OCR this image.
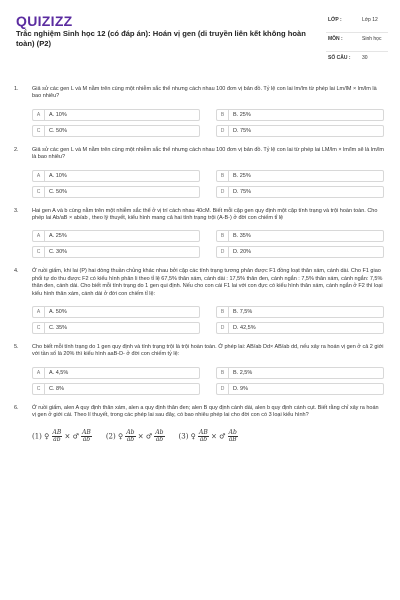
QUIZIZZ
Trắc nghiệm Sinh học 12 (có đáp án): Hoán vị gen (di truyền liên kết không hoàn toàn) (P2)
LỚP :	Lớp 12
MÔN :	Sinh học
SỐ CÂU : 30
1. Giả sử các gen L và M nằm trên cùng một nhiễm sắc thể nhưng cách nhau 100 đơn vị bản đồ. Tỷ lệ con lai lm/lm từ phép lai Lm/lM × lm/lm là bao nhiêu?
A	A. 10%	B	B. 25%
C	C. 50%	D	D. 75%
2. Giả sử các gen L và M nằm trên cùng một nhiễm sắc thể nhưng cách nhau 100 đơn vị bản đồ. Tỷ lệ con lai từ phép lai LM/lm × lm/lm sẽ là lm/lm là bao nhiêu?
A	A. 10%	B	B. 25%
C	C. 50%	D	D. 75%
3. Hai gen A và b cùng nằm trên một nhiễm sắc thể ở vị trí cách nhau 40cM. Biết mỗi cặp gen quy định một cặp tính trạng và trội hoàn toàn. Cho phép lai Ab/aB × ab/ab , theo lý thuyết, kiểu hình mang cả hai tính trạng trội (A-B-) ở đời con chiếm tỉ lệ
A	A. 25%	B	B. 35%
C	C. 30%	D	D. 20%
4. Ở ruồi giấm, khi lai (P) hai dòng thuần chủng khác nhau bởi cặp các tính trạng tương phản được F1 đồng loạt thân xám, cánh dài. Cho F1 giao phối tự do thu được F2 có kiểu hình phân li theo tỉ lệ 67,5% thân xám, cánh dài : 17,5% thân đen, cánh ngắn : 7,5% thân xám, cánh ngắn: 7,5% thân đen, cánh dài. Cho biết mỗi tính trạng do 1 gen qui định. Nếu cho con cái F1 lai với con đực có kiểu hình thân xám, cánh ngắn ở F2 thì loại kiểu hình thân xám, cánh dài ở đời con chiếm tỉ lệ:
A	A. 50%	B	B. 7,5%
C	C. 35%	D	D. 42,5%
5. Cho biết mỗi tính trạng do 1 gen quy định và tính trạng trội là trội hoàn toàn. Ở phép lai: AB/ab Dd× AB/ab dd, nếu xảy ra hoán vị gen ở cả 2 giới với tần số là 20% thì kiểu hình aaB-D- ở đời con chiếm tỷ lệ:
A	A. 4,5%	B	B. 2,5%
C	C. 8%	D	D. 9%
6. Ở ruồi giấm, alen A quy định thân xám, alen a quy định thân đen; alen B quy định cánh dài, alen b quy định cánh cụt. Biết rằng chỉ xảy ra hoán vị gen ở giới cái. Theo lí thuyết, trong các phép lai sau đây, có bao nhiêu phép lai cho đời con có 3 loại kiểu hình?
(1) ♀ $\frac{AB}{ab}$ × ♂ $\frac{AB}{ab} (2)$ ♀ $\frac{Ab}{ab}$ × ♂ $\frac{Ab}{ab} (3)$ ♀ $\frac{AB}{ab}$ × ♂ $\frac{Ab}{aB}$
